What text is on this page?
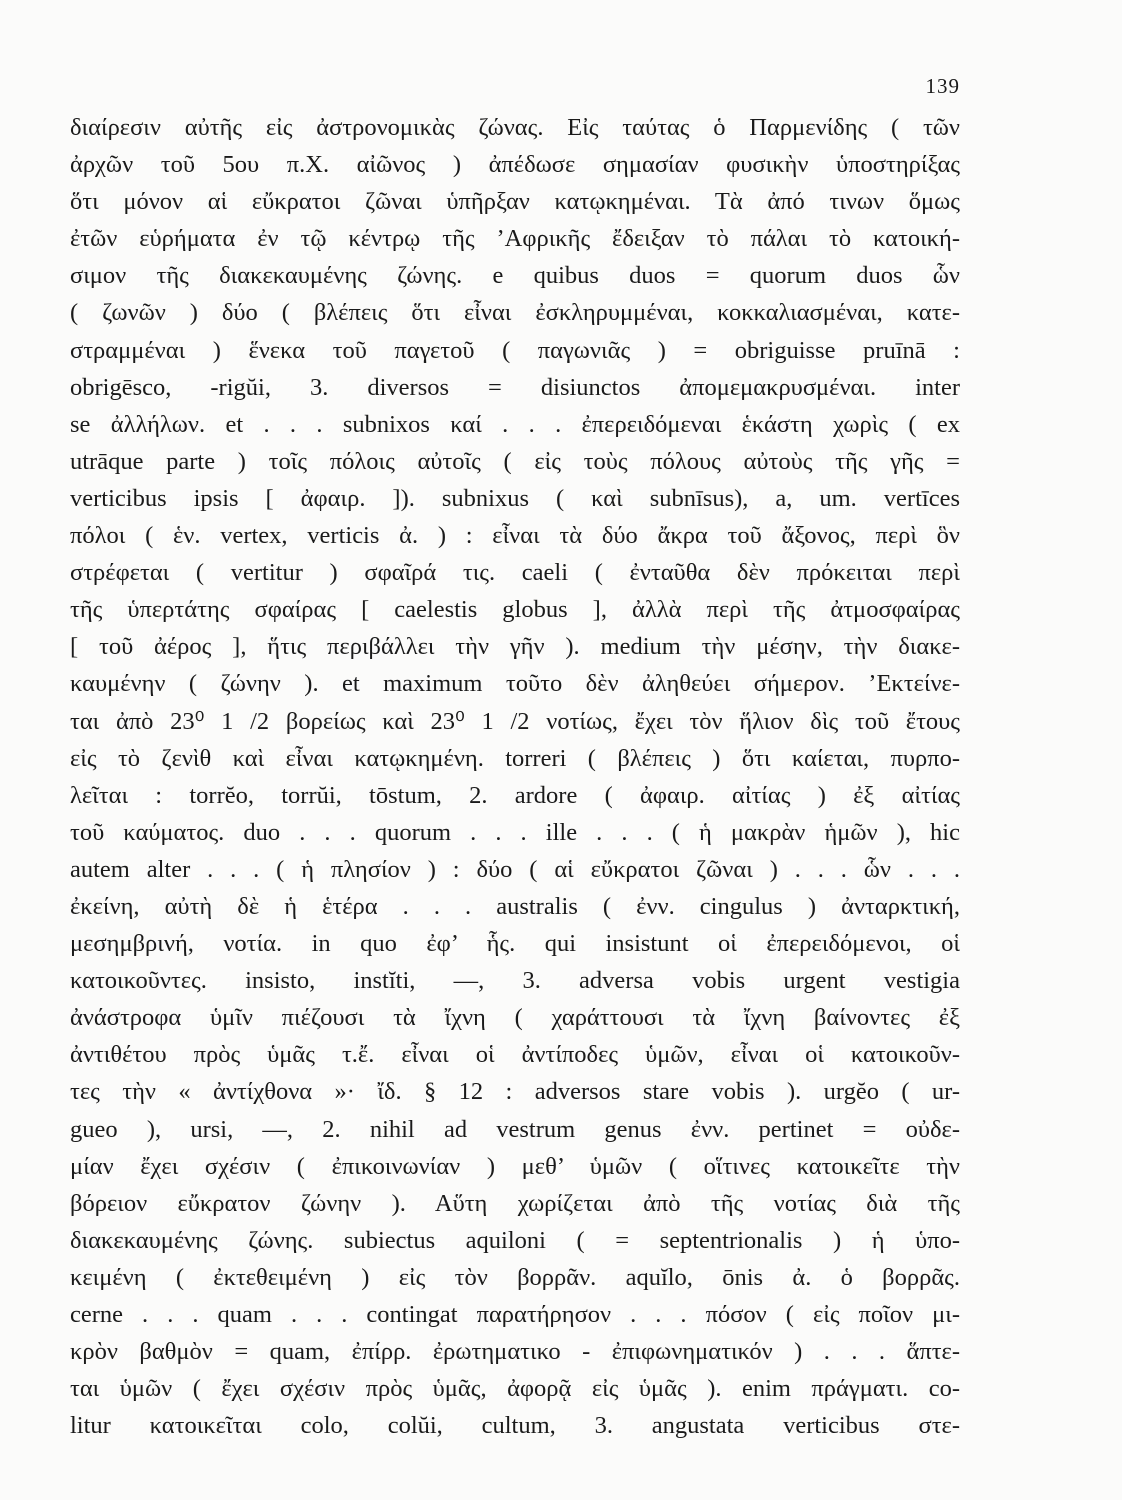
139
διαίρεσιν αὐτῆς εἰς ἀστρονομικὰς ζώνας. Εἰς ταύτας ὁ Παρμενίδης ( τῶν
ἀρχῶν τοῦ 5ου π.Χ. αἰῶνος ) ἀπέδωσε σημασίαν φυσικὴν ὑποστηρίξας
ὅτι μόνον αἱ εὔκρατοι ζῶναι ὑπῆρξαν κατῳκημέναι. Τὰ ἀπό τινων ὅμως
ἐτῶν εὑρήματα ἐν τῷ κέντρῳ τῆς ’Αφρικῆς ἔδειξαν τὸ πάλαι τὸ κατοική-
σιμον τῆς διακεκαυμένης ζώνης. e quibus duos = quorum duos ὧν
( ζωνῶν ) δύο ( βλέπεις ὅτι εἶναι ἐσκληρυμμέναι, κοκκαλιασμέναι, κατε-
στραμμέναι ) ἕνεκα τοῦ παγετοῦ ( παγωνιᾶς ) = obriguisse pruīnā :
obrigēsco, -rigŭi, 3. diversos = disiunctos ἀπομεμακρυσμέναι. inter
se ἀλλήλων. et . . . subnixos καί . . . ἐπερειδόμεναι ἑκάστη χωρὶς ( ex
utrāque parte ) τοῖς πόλοις αὐτοῖς ( εἰς τοὺς πόλους αὐτοὺς τῆς γῆς =
verticibus ipsis [ ἀφαιρ. ]). subnixus ( καὶ subnīsus), a, um. vertīces
πόλοι ( ἑν. vertex, verticis ἀ. ) : εἶναι τὰ δύο ἄκρα τοῦ ἄξονος, περὶ ὃν
στρέφεται ( vertitur ) σφαῖρά τις. caeli ( ἐνταῦθα δὲν πρόκειται περὶ
τῆς ὑπερτάτης σφαίρας [ caelestis globus ], ἀλλὰ περὶ τῆς ἀτμοσφαίρας
[ τοῦ ἀέρος ], ἥτις περιβάλλει τὴν γῆν ). medium τὴν μέσην, τὴν διακε-
καυμένην ( ζώνην ). et maximum τοῦτο δὲν ἀληθεύει σήμερον. ’Εκτείνε-
ται ἀπὸ 23⁰ 1 /2 βορείως καὶ 23⁰ 1 /2 νοτίως, ἔχει τὸν ἥλιον δὶς τοῦ ἔτους
εἰς τὸ ζενὶθ καὶ εἶναι κατῳκημένη. torreri ( βλέπεις ) ὅτι καίεται, πυρπο-
λεῖται : torrĕo, torrŭi, tōstum, 2. ardore ( ἀφαιρ. αἰτίας ) ἐξ αἰτίας
τοῦ καύματος. duo . . . quorum . . . ille . . . ( ἡ μακρὰν ἡμῶν ), hic
autem alter . . . ( ἡ πλησίον ) : δύο ( αἱ εὔκρατοι ζῶναι ) . . . ὧν . . .
ἐκείνη, αὐτὴ δὲ ἡ ἑτέρα . . . australis ( ἐνν. cingulus ) ἀνταρκτική,
μεσημβρινή, νοτία. in quo ἐφ’ ἧς. qui insistunt οἱ ἐπερειδόμενοι, οἱ
κατοικοῦντες. insisto, instĭti, —, 3. adversa vobis urgent vestigia
ἀνάστροφα ὑμῖν πιέζουσι τὰ ἴχνη ( χαράττουσι τὰ ἴχνη βαίνοντες ἐξ
ἀντιθέτου πρὸς ὑμᾶς τ.ἔ. εἶναι οἱ ἀντίποδες ὑμῶν, εἶναι οἱ κατοικοῦν-
τες τὴν « ἀντίχθονα »· ἴδ. § 12 : adversos stare vobis ). urgĕo ( ur-
gueo ), ursi, —, 2. nihil ad vestrum genus ἐνν. pertinet = οὐδε-
μίαν ἔχει σχέσιν ( ἐπικοινωνίαν ) μεθ’ ὑμῶν ( οἵτινες κατοικεῖτε τὴν
βόρειον εὔκρατον ζώνην ). Αὕτη χωρίζεται ἀπὸ τῆς νοτίας διὰ τῆς
διακεκαυμένης ζώνης. subiectus aquiloni ( = septentrionalis ) ἡ ὑπο-
κειμένη ( ἐκτεθειμένη ) εἰς τὸν βορρᾶν. aquĭlo, ōnis ἀ. ὁ βορρᾶς.
cerne . . . quam . . . contingat παρατήρησον . . . πόσον ( εἰς ποῖον μι-
κρὸν βαθμὸν = quam, ἐπίρρ. ἐρωτηματικο - ἐπιφωνηματικόν ) . . . ἅπτε-
ται ὑμῶν ( ἔχει σχέσιν πρὸς ὑμᾶς, ἀφορᾷ εἰς ὑμᾶς ). enim πράγματι. co-
litur κατοικεῖται colo, colŭi, cultum, 3. angustata verticibus στε-
